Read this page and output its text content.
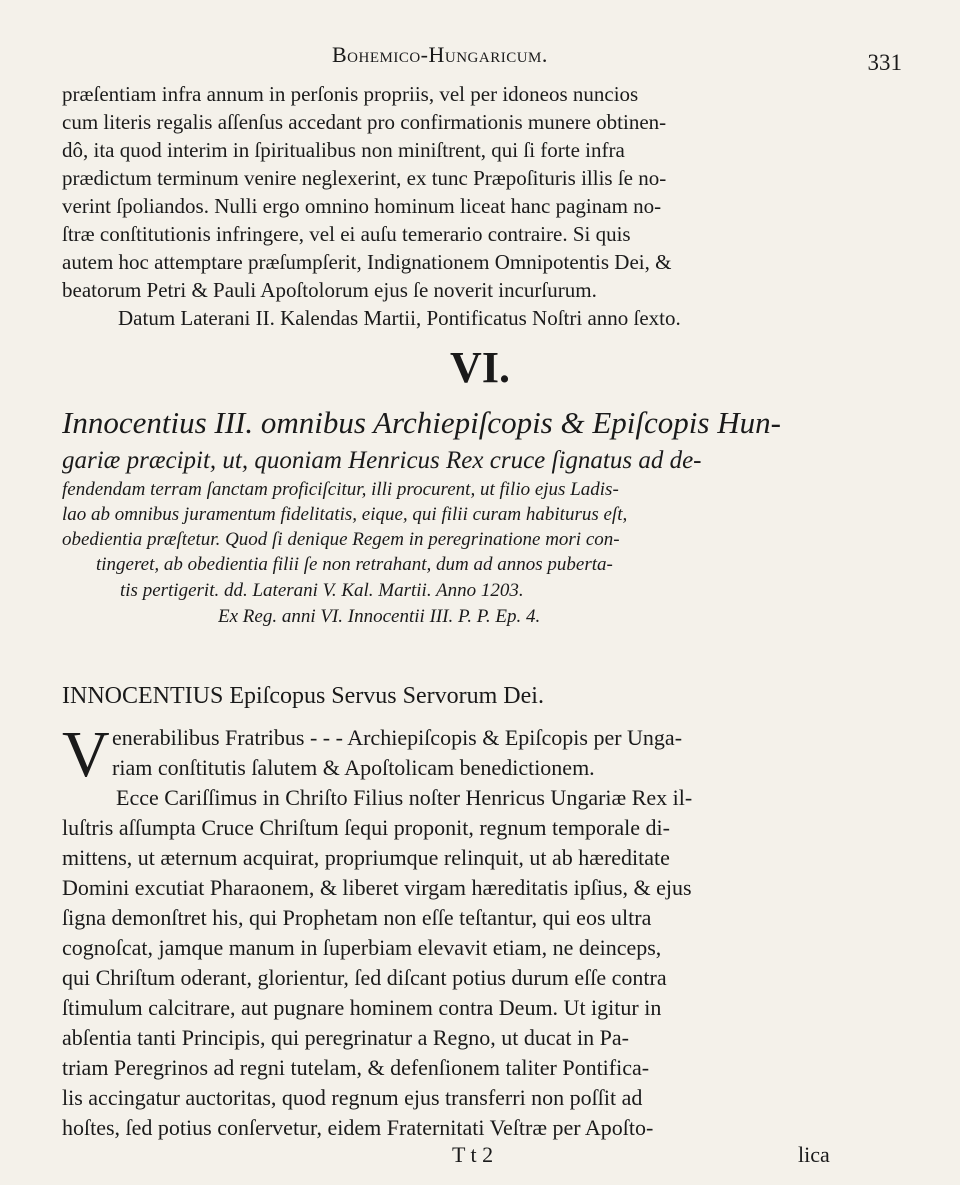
Bohemico-Hungaricum.	331
præſentiam infra annum in perſonis propriis, vel per idoneos nuncios
cum literis regalis aſſenſus accedant pro confirmationis munere obtinen-
dô, ita quod interim in ſpiritualibus non miniſtrent, qui ſi forte infra
prædictum terminum venire neglexerint, ex tunc Præpoſituris illis ſe no-
verint ſpoliandos. Nulli ergo omnino hominum liceat hanc paginam no-
ſtræ conſtitutionis infringere, vel ei auſu temerario contraire. Si quis
autem hoc attemptare præſumpſerit, Indignationem Omnipotentis Dei, &
beatorum Petri & Pauli Apoſtolorum ejus ſe noverit incurſurum.
Datum Laterani II. Kalendas Martii, Pontificatus Noſtri anno ſexto.
VI.
Innocentius III. omnibus Archiepiſcopis & Epiſcopis Hun-
gariæ præcipit, ut, quoniam Henricus Rex cruce ſignatus ad de-
fendendam terram ſanctam proficiſcitur, illi procurent, ut filio ejus Ladis-
lao ab omnibus juramentum fidelitatis, eique, qui filii curam habiturus eſt,
obedientia præſtetur. Quod ſi denique Regem in peregrinatione mori con-
tingeret, ab obedientia filii ſe non retrahant, dum ad annos puberta-
tis pertigerit. dd. Laterani V. Kal. Martii. Anno 1203.
Ex Reg. anni VI. Innocentii III. P. P. Ep. 4.
INNOCENTIUS Epiſcopus Servus Servorum Dei.
V enerabilibus Fratribus - - - Archiepiſcopis & Epiſcopis per Unga-
riam conſtitutis ſalutem & Apoſtolicam benedictionem.
Ecce Cariſſimus in Chriſto Filius noſter Henricus Ungariæ Rex il-
luſtris aſſumpta Cruce Chriſtum ſequi proponit, regnum temporale di-
mittens, ut æternum acquirat, propriumque relinquit, ut ab hæreditate
Domini excutiat Pharaonem, & liberet virgam hæreditatis ipſius, & ejus
ſigna demonſtret his, qui Prophetam non eſſe teſtantur, qui eos ultra
cognoſcat, jamque manum in ſuperbiam elevavit etiam, ne deinceps,
qui Chriſtum oderant, glorientur, ſed diſcant potius durum eſſe contra
ſtimulum calcitrare, aut pugnare hominem contra Deum. Ut igitur in
abſentia tanti Principis, qui peregrinatur a Regno, ut ducat in Pa-
triam Peregrinos ad regni tutelam, & defenſionem taliter Pontifica-
lis accingatur auctoritas, quod regnum ejus transferri non poſſit ad
hoſtes, ſed potius conſervetur, eidem Fraternitati Veſtræ per Apoſto-
T t 2	lica
